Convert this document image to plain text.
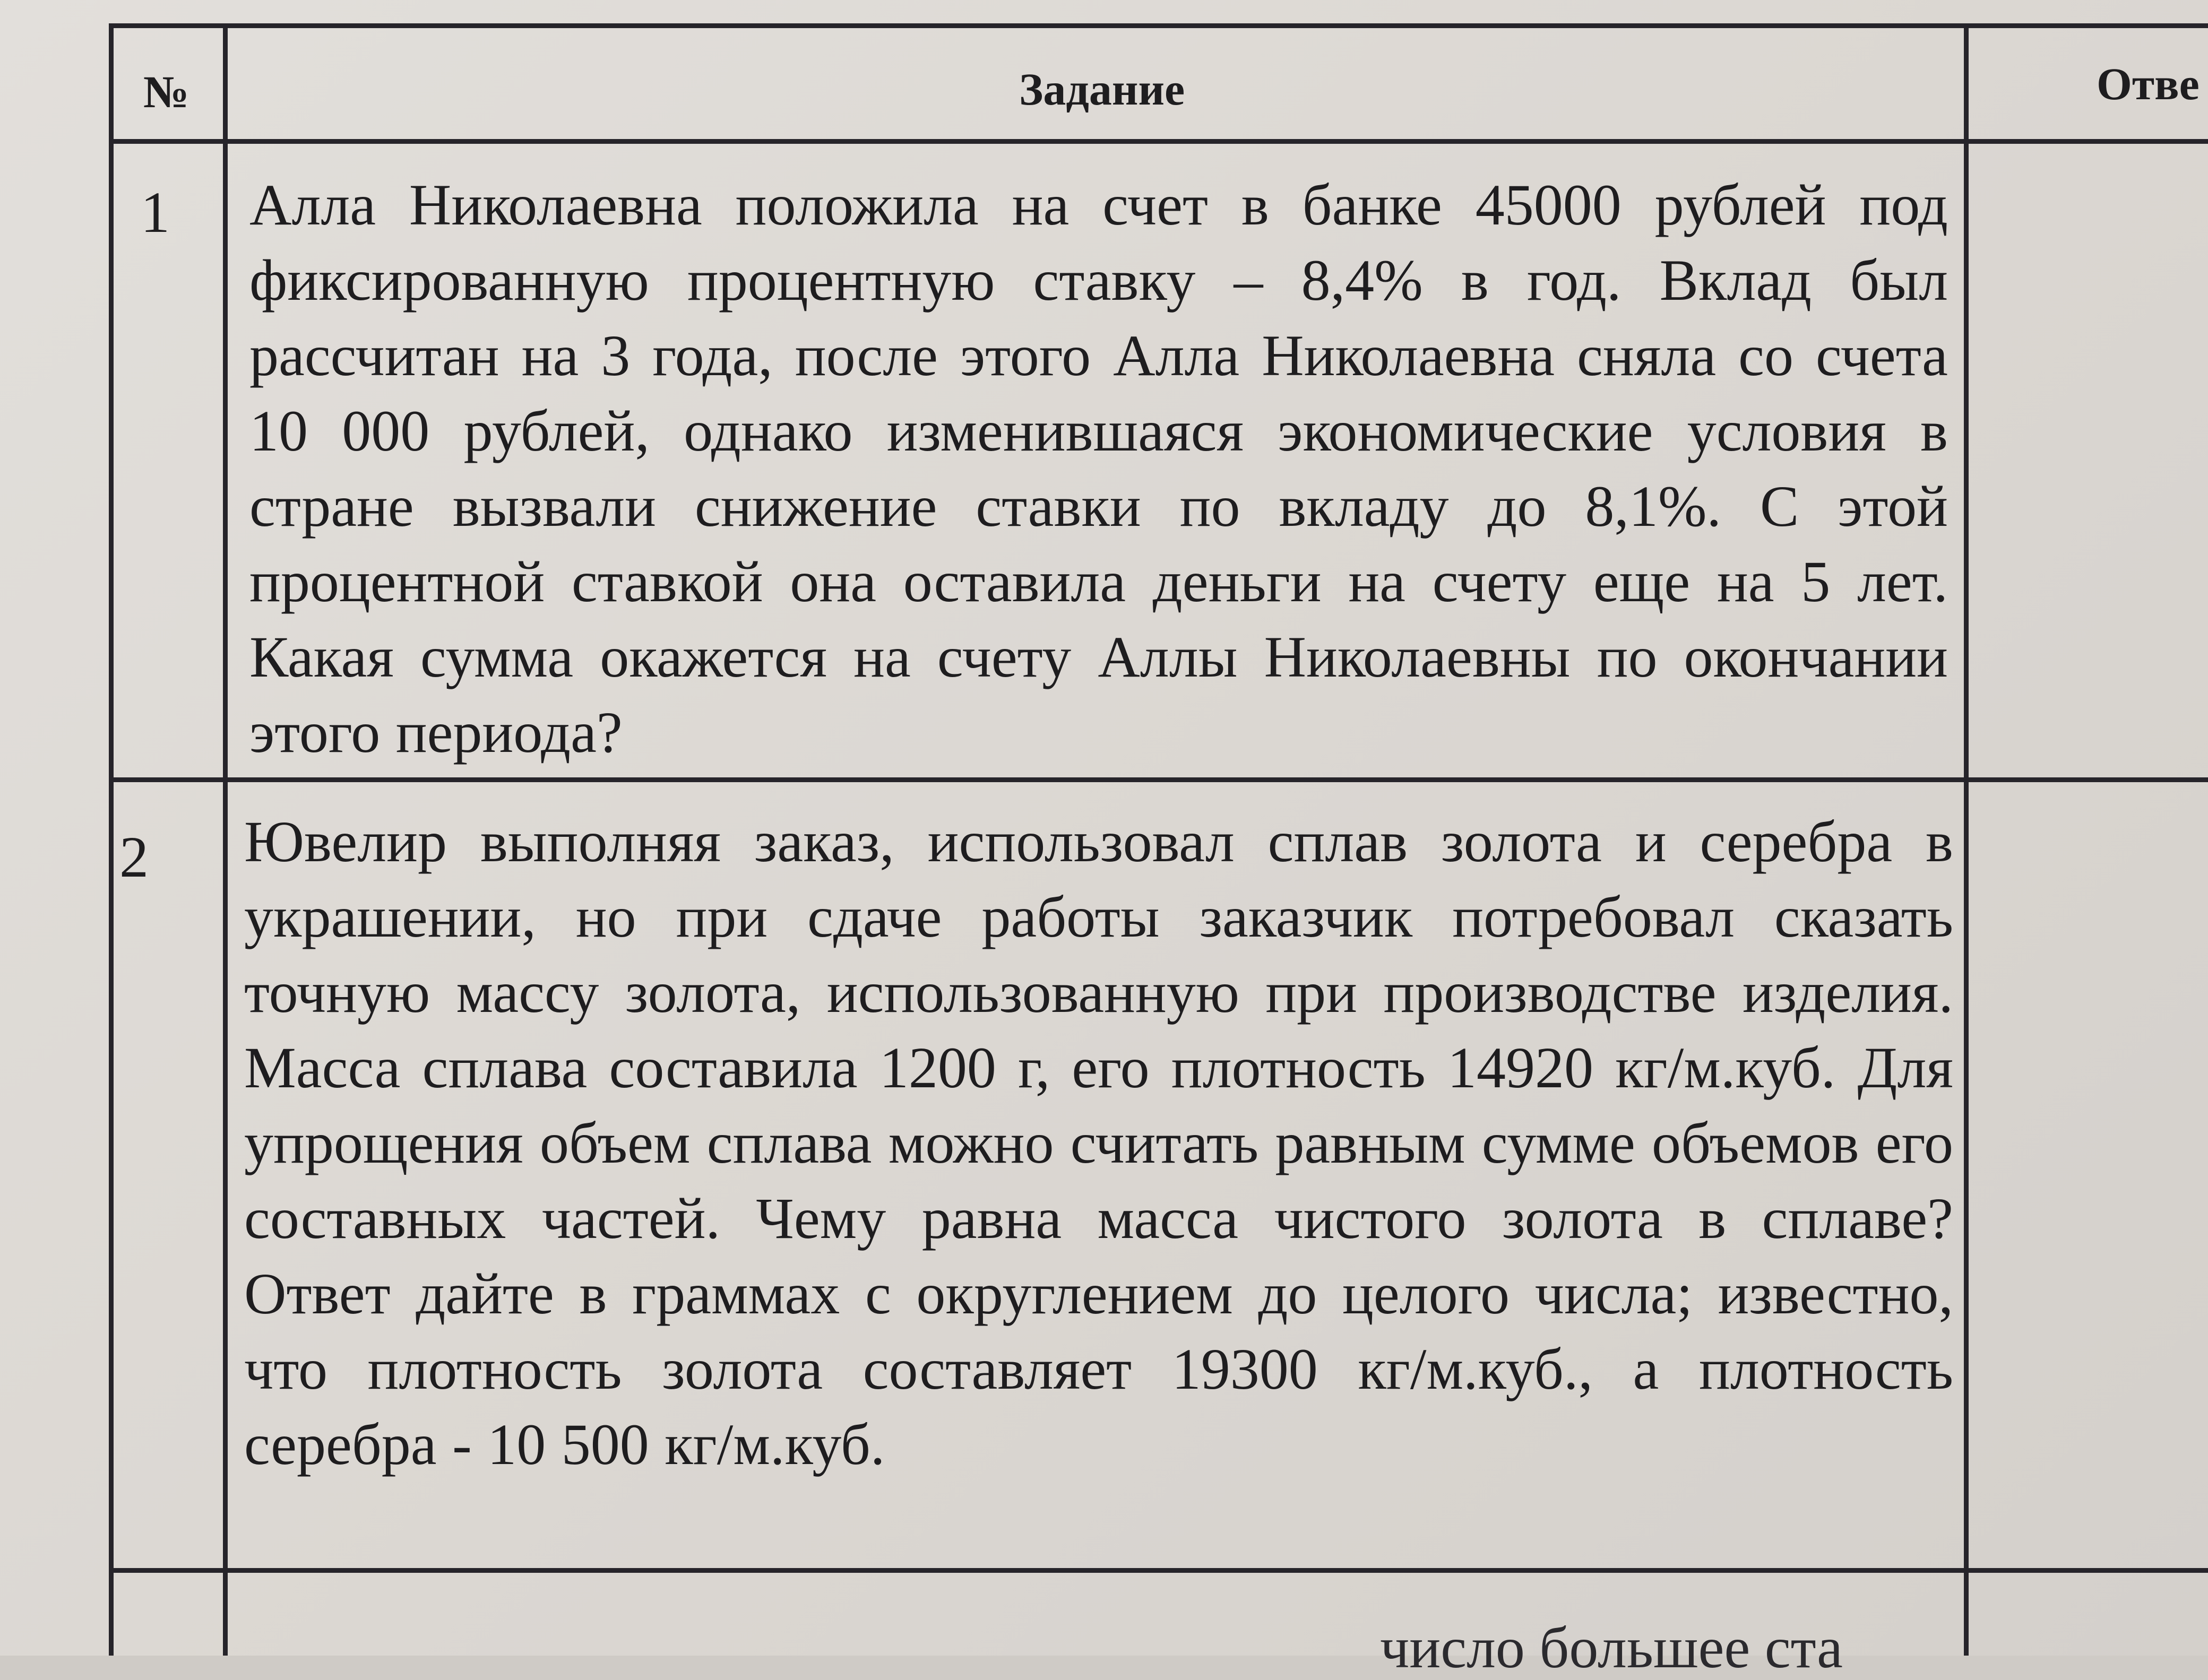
№	Задание	Отве
1 Алла Николаевна положила на счет в банке 45000 рублей под фиксированную процентную ставку – 8,4% в год. Вклад был рассчитан на 3 года, после этого Алла Николаевна сняла со счета 10 000 рублей, однако изменившаяся экономические условия в стране вызвали снижение ставки по вкладу до 8,1%. С этой процентной ставкой она оставила деньги на счету еще на 5 лет. Какая сумма окажется на счету Аллы Николаевны по окончании этого периода?
2 Ювелир выполняя заказ, использовал сплав золота и серебра в украшении, но при сдаче работы заказчик потребовал сказать точную массу золота, использованную при производстве изделия. Масса сплава составила 1200 г, его плотность 14920 кг/м.куб. Для упрощения объем сплава можно считать равным сумме объемов его составных частей. Чему равна масса чистого золота в сплаве? Ответ дайте в граммах с округлением до целого числа; известно, что плотность золота составляет 19300 кг/м.куб., а плотность серебра - 10 500 кг/м.куб.
число большее ста
